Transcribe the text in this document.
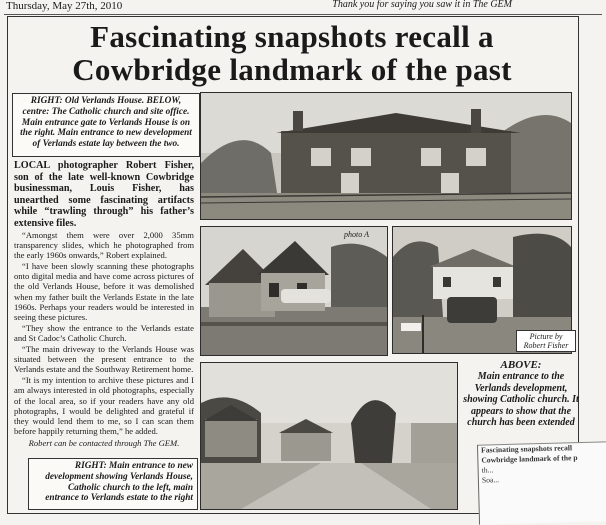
Thursday, May 27th, 2010	Thank you for saying you saw it in The GEM
Fascinating snapshots recall a
Cowbridge landmark of the past
RIGHT: Old Verlands House. BELOW, centre: The Catholic church and site office. Main entrance gate to Verlands House is on the right. Main entrance to new development of Verlands estate lay between the two.

LOCAL photographer Robert Fisher, son of the late well-known Cowbridge businessman, Louis Fisher, has unearthed some fascinating artifacts while “trawling through” his father’s extensive files.

“Amongst them were over 2,000 35mm transparency slides, which he photographed from the early 1960s onwards,” Robert explained.

“I have been slowly scanning these photographs onto digital media and have come across pictures of the old Verlands House, before it was demolished when my father built the Verlands Estate in the late 1960s. Perhaps your readers would be interested in seeing these pictures.

“They show the entrance to the Verlands estate and St Cadoc’s Catholic Church.

“The main driveway to the Verlands House was situated between the present entrance to the Verlands estate and the Southway Retirement home.

“It is my intention to archive these pictures and I am always interested in old photographs, especially of the local area, so if your readers have any old photographs, I would be delighted and grateful if they would lend them to me, so I can scan them before happily returning them,” he added.

Robert can be contacted through The GEM.
RIGHT: Main entrance to new development showing Verlands House, Catholic church to the left, main entrance to Verlands estate to the right
photo A
Picture by Robert Fisher
ABOVE:
Main entrance to the Verlands development, showing Catholic church. It appears to show that the church has been extended
Fascinating snapshots recall
Cowbridge landmark of the p
th...
Soa...
